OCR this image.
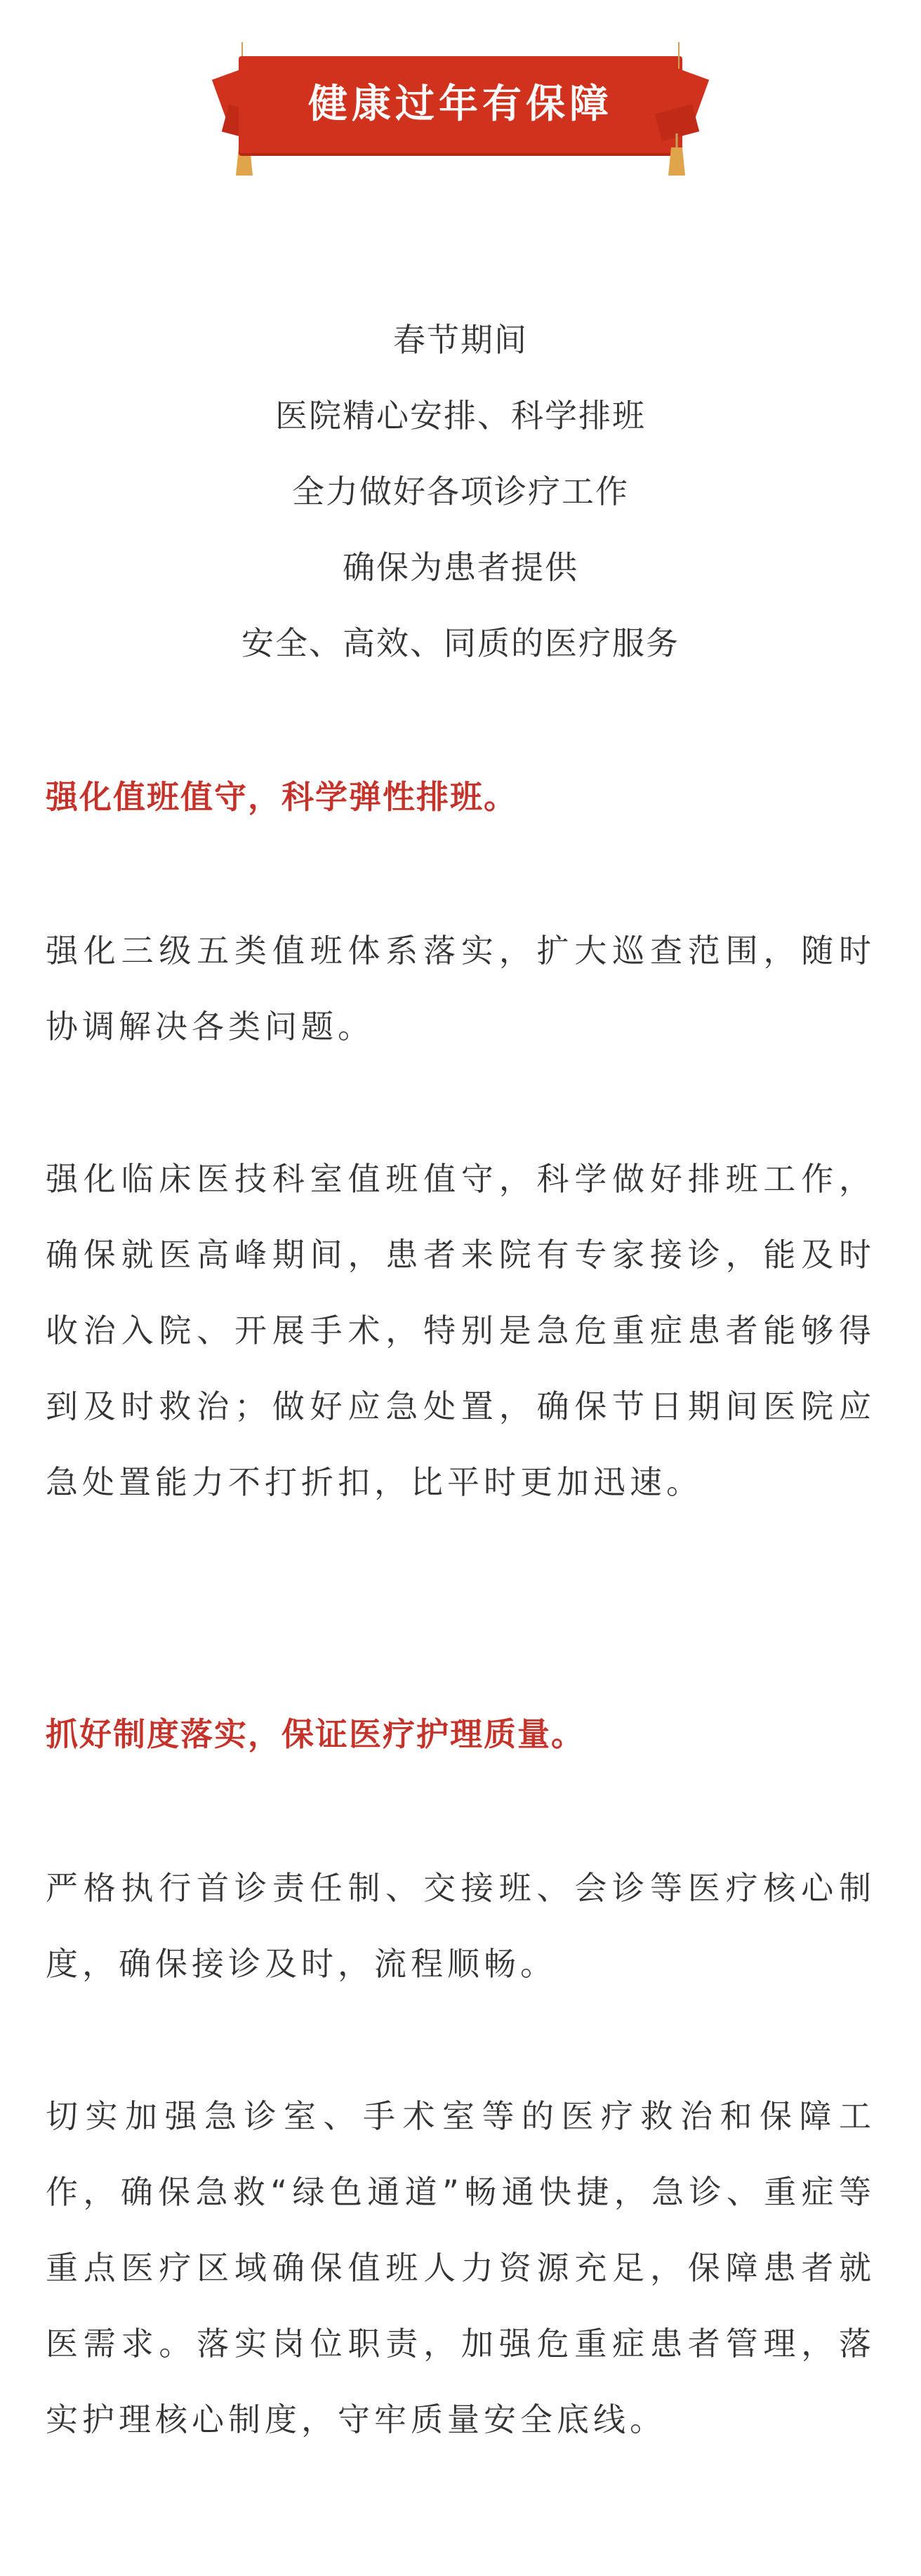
健康过年有保障
春节期间
医院精心安排、科学排班
全力做好各项诊疗工作
确保为患者提供
安全、高效、同质的医疗服务
强化值班值守，科学弹性排班。
强化三级五类值班体系落实，扩大巡查范围，随时协调解决各类问题。
强化临床医技科室值班值守，科学做好排班工作，确保就医高峰期间，患者来院有专家接诊，能及时收治入院、开展手术，特别是急危重症患者能够得到及时救治；做好应急处置，确保节日期间医院应急处置能力不打折扣，比平时更加迅速。
抓好制度落实，保证医疗护理质量。
严格执行首诊责任制、交接班、会诊等医疗核心制度，确保接诊及时，流程顺畅。
切实加强急诊室、手术室等的医疗救治和保障工作，确保急救“绿色通道”畅通快捷，急诊、重症等重点医疗区域确保值班人力资源充足，保障患者就医需求。落实岗位职责，加强危重症患者管理，落实护理核心制度，守牢质量安全底线。
